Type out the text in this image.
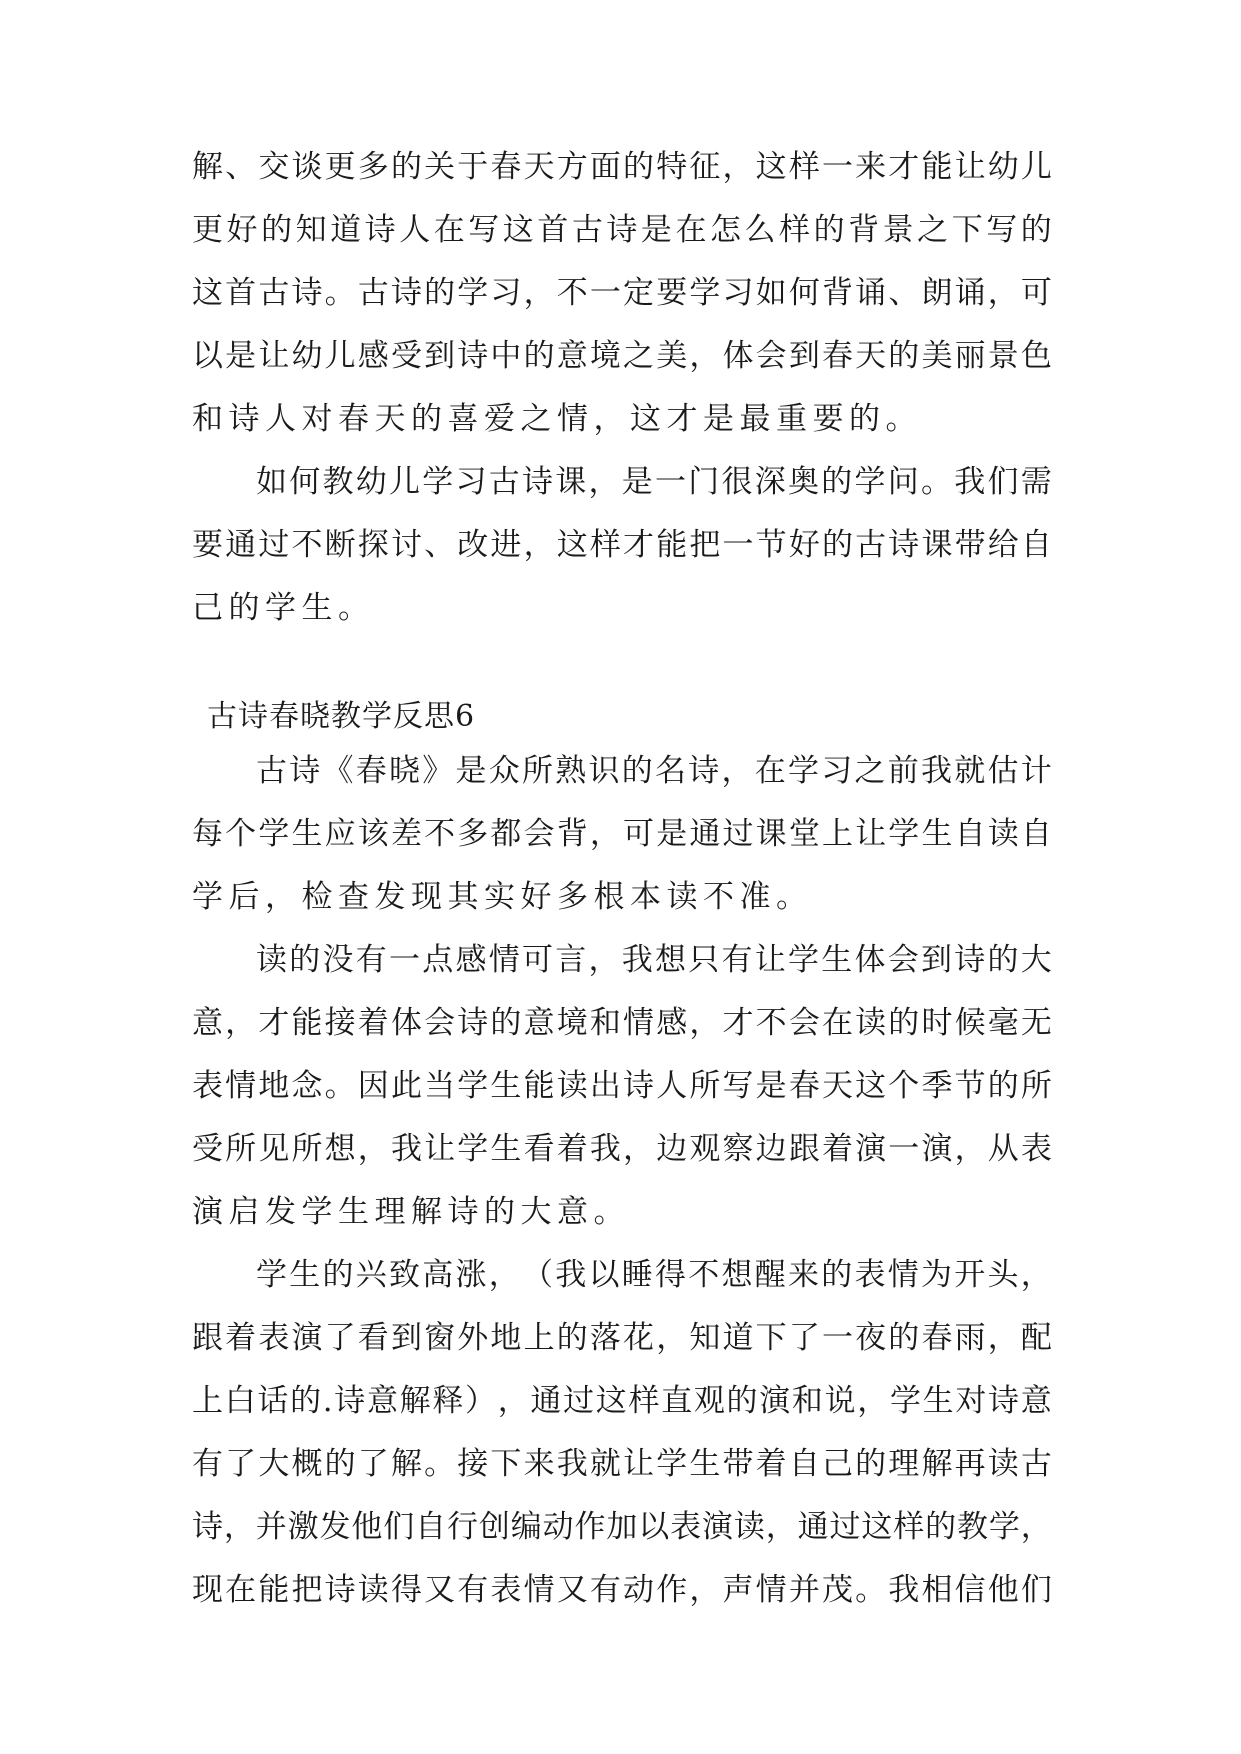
解 、 交 谈 更 多 的 关 于 春 天 方 面 的 特 征 ， 这 样 一 来 才 能 让 幼 儿
更 好 的 知 道 诗 人 在 写 这 首 古 诗 是 在 怎 么 样 的 背 景 之 下 写 的
这 首 古 诗 。 古 诗 的 学 习 ， 不 一 定 要 学 习 如 何 背 诵 、 朗 诵 ， 可
以 是 让 幼 儿 感 受 到 诗 中 的 意 境 之 美 ， 体 会 到 春 天 的 美 丽 景 色
和诗人对春天的喜爱之情，这才是最重要的。
如 何 教 幼 儿 学 习 古 诗 课 ， 是 一 门 很 深 奥 的 学 问 。 我 们 需
要 通 过 不 断 探 讨 、 改 进 ， 这 样 才 能 把 一 节 好 的 古 诗 课 带 给 自
己的学生。
古诗春晓教学反思6
古 诗 《 春 晓 》 是 众 所 熟 识 的 名 诗 ， 在 学 习 之 前 我 就 估 计
每 个 学 生 应 该 差 不 多 都 会 背 ， 可 是 通 过 课 堂 上 让 学 生 自 读 自
学后，检查发现其实好多根本读不准。
读 的 没 有 一 点 感 情 可 言 ， 我 想 只 有 让 学 生 体 会 到 诗 的 大
意 ， 才 能 接 着 体 会 诗 的 意 境 和 情 感 ， 才 不 会 在 读 的 时 候 毫 无
表 情 地 念 。 因 此 当 学 生 能 读 出 诗 人 所 写 是 春 天 这 个 季 节 的 所
受 所 见 所 想 ， 我 让 学 生 看 着 我 ， 边 观 察 边 跟 着 演 一 演 ， 从 表
演启发学生理解诗的大意。
学 生 的 兴 致 高 涨 ， （ 我 以 睡 得 不 想 醒 来 的 表 情 为 开 头 ，
跟 着 表 演 了 看 到 窗 外 地 上 的 落 花 ， 知 道 下 了 一 夜 的 春 雨 ， 配
上 白 话 的 . 诗 意 解 释 ） ， 通 过 这 样 直 观 的 演 和 说 ， 学 生 对 诗 意
有 了 大 概 的 了 解 。 接 下 来 我 就 让 学 生 带 着 自 己 的 理 解 再 读 古
诗 ， 并 激 发 他 们 自 行 创 编 动 作 加 以 表 演 读 ， 通 过 这 样 的 教 学 ，
现 在 能 把 诗 读 得 又 有 表 情 又 有 动 作 ， 声 情 并 茂 。 我 相 信 他 们
